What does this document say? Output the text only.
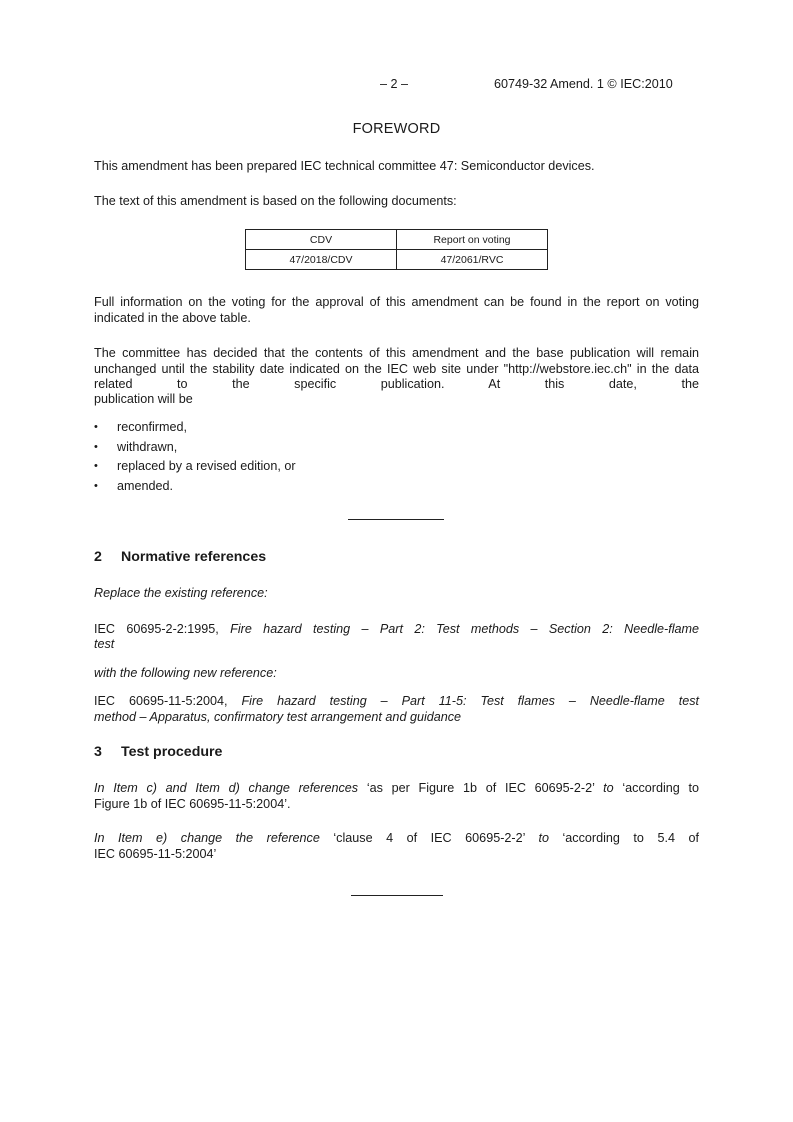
– 2 –	60749-32 Amend. 1 © IEC:2010
FOREWORD
This amendment has been prepared IEC technical committee 47: Semiconductor devices.
The text of this amendment is based on the following documents:
CDV	Report on voting
47/2018/CDV	47/2061/RVC
Full information on the voting for the approval of this amendment can be found in the report on voting indicated in the above table.
The committee has decided that the contents of this amendment and the base publication will remain unchanged until the stability date indicated on the IEC web site under "http://webstore.iec.ch" in the data related to the specific publication. At this date, the
publication will be
•	reconfirmed,
•	withdrawn,
•	replaced by a revised edition, or
•	amended.
2 Normative references
Replace the existing reference:
IEC 60695-2-2:1995, Fire hazard testing – Part 2: Test methods – Section 2: Needle-flame
test
with the following new reference:
IEC 60695-11-5:2004, Fire hazard testing – Part 11-5: Test flames – Needle-flame test
method – Apparatus, confirmatory test arrangement and guidance
3 Test procedure
In Item c) and Item d) change references ‘as per Figure 1b of IEC 60695-2-2’ to ‘according to
Figure 1b of IEC 60695-11-5:2004’.
In Item e) change the reference ‘clause 4 of IEC 60695-2-2’ to ‘according to 5.4 of
IEC 60695-11-5:2004’
